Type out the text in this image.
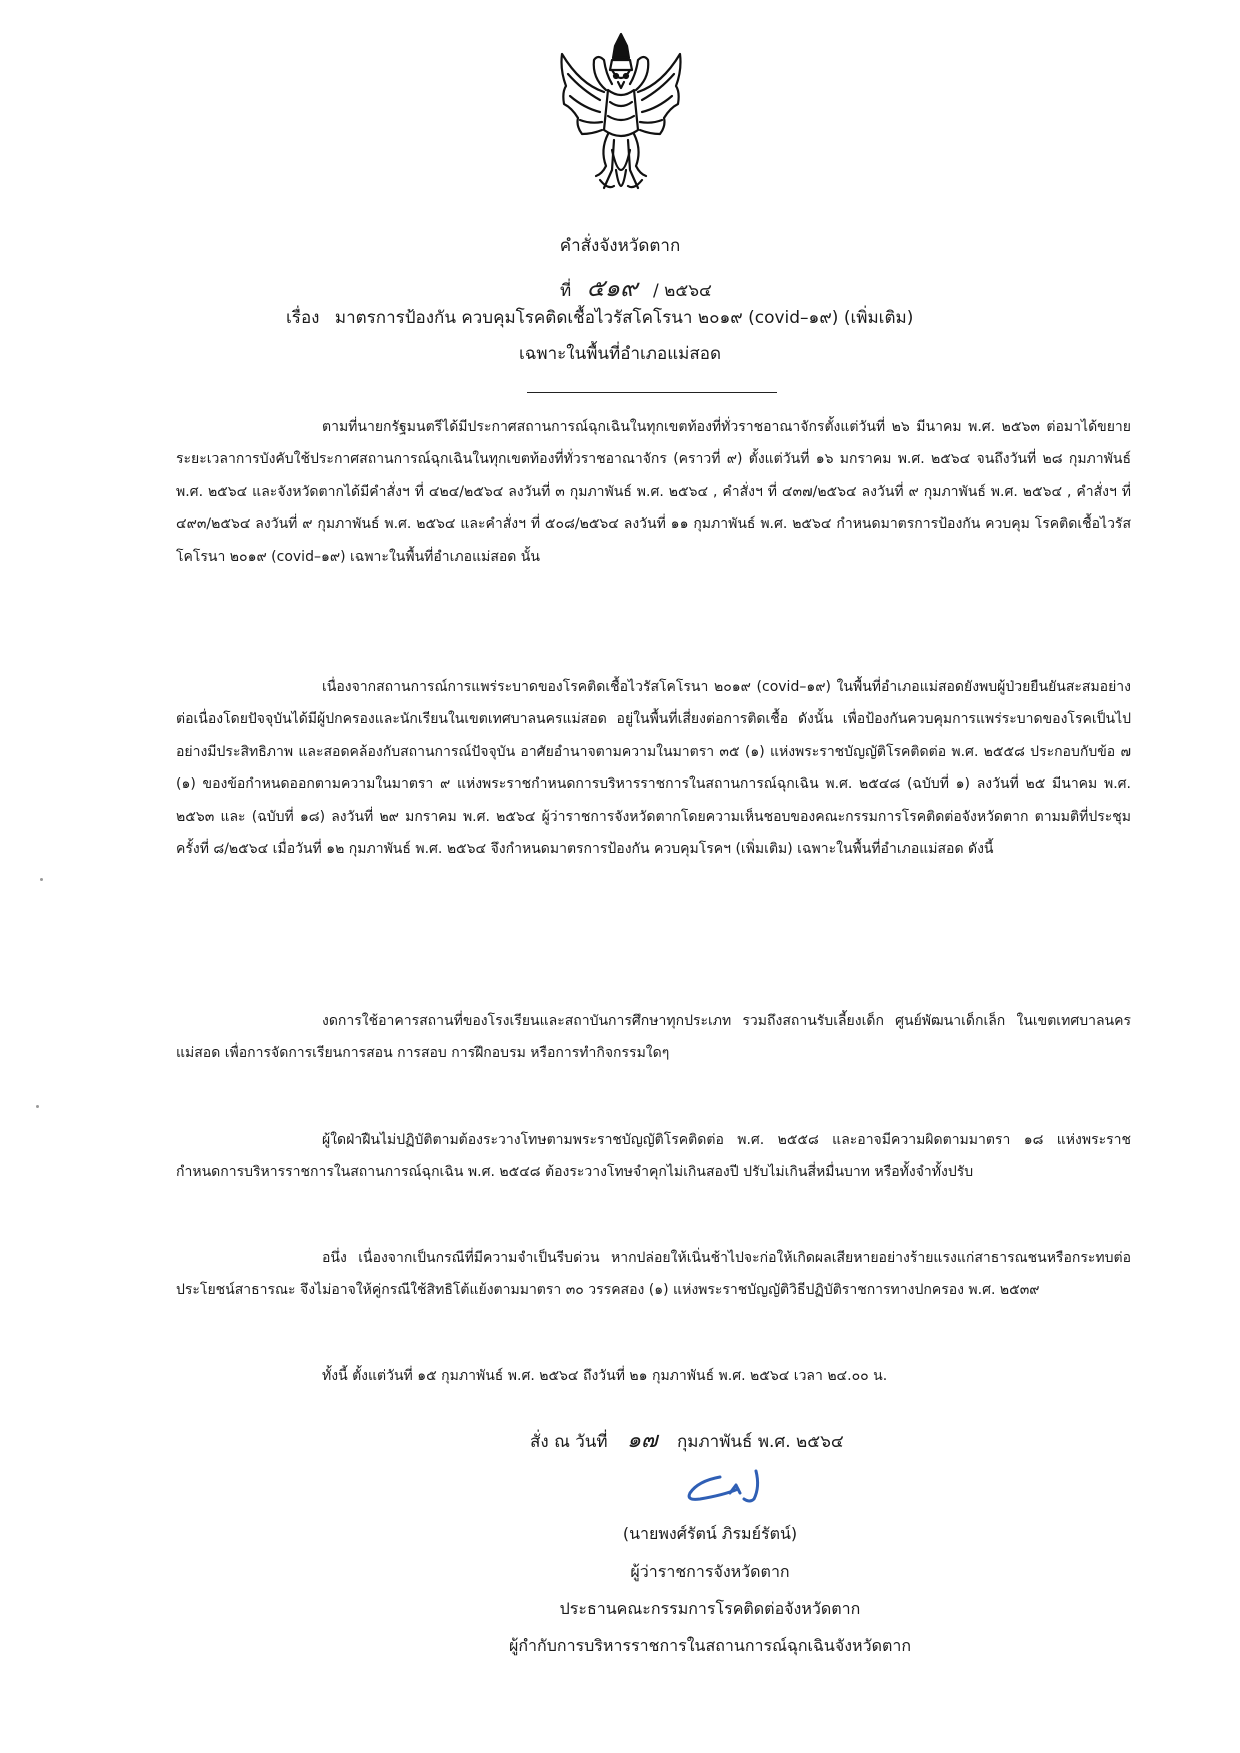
คำสั่งจังหวัดตาก
ที่ ๕๑๙ / ๒๕๖๔
เรื่อง มาตรการป้องกัน ควบคุมโรคติดเชื้อไวรัสโคโรนา ๒๐๑๙ (covid–๑๙) (เพิ่มเติม)
เฉพาะในพื้นที่อำเภอแม่สอด

ตามที่นายกรัฐมนตรีได้มีประกาศสถานการณ์ฉุกเฉินในทุกเขตท้องที่ทั่วราชอาณาจักรตั้งแต่วันที่ ๒๖ มีนาคม พ.ศ. ๒๕๖๓ ต่อมาได้ขยายระยะเวลาการบังคับใช้ประกาศสถานการณ์ฉุกเฉินในทุกเขตท้องที่ทั่วราชอาณาจักร (คราวที่ ๙) ตั้งแต่วันที่ ๑๖ มกราคม พ.ศ. ๒๕๖๔ จนถึงวันที่ ๒๘ กุมภาพันธ์ พ.ศ. ๒๕๖๔ และจังหวัดตากได้มีคำสั่งฯ ที่ ๔๒๔/๒๕๖๔ ลงวันที่ ๓ กุมภาพันธ์ พ.ศ. ๒๕๖๔ , คำสั่งฯ ที่ ๔๓๗/๒๕๖๔ ลงวันที่ ๙ กุมภาพันธ์ พ.ศ. ๒๕๖๔ , คำสั่งฯ ที่ ๔๙๓/๒๕๖๔ ลงวันที่ ๙ กุมภาพันธ์ พ.ศ. ๒๕๖๔ และคำสั่งฯ ที่ ๕๐๘/๒๕๖๔ ลงวันที่ ๑๑ กุมภาพันธ์ พ.ศ. ๒๕๖๔ กำหนดมาตรการป้องกัน ควบคุม โรคติดเชื้อไวรัสโคโรนา ๒๐๑๙ (covid–๑๙) เฉพาะในพื้นที่อำเภอแม่สอด นั้น

เนื่องจากสถานการณ์การแพร่ระบาดของโรคติดเชื้อไวรัสโคโรนา ๒๐๑๙ (covid–๑๙) ในพื้นที่อำเภอแม่สอดยังพบผู้ป่วยยืนยันสะสมอย่างต่อเนื่องโดยปัจจุบันได้มีผู้ปกครองและนักเรียนในเขตเทศบาลนครแม่สอด อยู่ในพื้นที่เสี่ยงต่อการติดเชื้อ ดังนั้น เพื่อป้องกันควบคุมการแพร่ระบาดของโรคเป็นไปอย่างมีประสิทธิภาพ และสอดคล้องกับสถานการณ์ปัจจุบัน อาศัยอำนาจตามความในมาตรา ๓๕ (๑) แห่งพระราชบัญญัติโรคติดต่อ พ.ศ. ๒๕๕๘ ประกอบกับข้อ ๗ (๑) ของข้อกำหนดออกตามความในมาตรา ๙ แห่งพระราชกำหนดการบริหารราชการในสถานการณ์ฉุกเฉิน พ.ศ. ๒๕๔๘ (ฉบับที่ ๑) ลงวันที่ ๒๕ มีนาคม พ.ศ. ๒๕๖๓ และ (ฉบับที่ ๑๘) ลงวันที่ ๒๙ มกราคม พ.ศ. ๒๕๖๔ ผู้ว่าราชการจังหวัดตากโดยความเห็นชอบของคณะกรรมการโรคติดต่อจังหวัดตาก ตามมติที่ประชุมครั้งที่ ๘/๒๕๖๔ เมื่อวันที่ ๑๒ กุมภาพันธ์ พ.ศ. ๒๕๖๔ จึงกำหนดมาตรการป้องกัน ควบคุมโรคฯ (เพิ่มเติม) เฉพาะในพื้นที่อำเภอแม่สอด ดังนี้

งดการใช้อาคารสถานที่ของโรงเรียนและสถาบันการศึกษาทุกประเภท รวมถึงสถานรับเลี้ยงเด็ก ศูนย์พัฒนาเด็กเล็ก ในเขตเทศบาลนครแม่สอด เพื่อการจัดการเรียนการสอน การสอบ การฝึกอบรม หรือการทำกิจกรรมใดๆ

ผู้ใดฝ่าฝืนไม่ปฏิบัติตามต้องระวางโทษตามพระราชบัญญัติโรคติดต่อ พ.ศ. ๒๕๕๘ และอาจมีความผิดตามมาตรา ๑๘ แห่งพระราชกำหนดการบริหารราชการในสถานการณ์ฉุกเฉิน พ.ศ. ๒๕๔๘ ต้องระวางโทษจำคุกไม่เกินสองปี ปรับไม่เกินสี่หมื่นบาท หรือทั้งจำทั้งปรับ

อนึ่ง เนื่องจากเป็นกรณีที่มีความจำเป็นรีบด่วน หากปล่อยให้เนิ่นช้าไปจะก่อให้เกิดผลเสียหายอย่างร้ายแรงแก่สาธารณชนหรือกระทบต่อประโยชน์สาธารณะ จึงไม่อาจให้คู่กรณีใช้สิทธิโต้แย้งตามมาตรา ๓๐ วรรคสอง (๑) แห่งพระราชบัญญัติวิธีปฏิบัติราชการทางปกครอง พ.ศ. ๒๕๓๙

ทั้งนี้ ตั้งแต่วันที่ ๑๕ กุมภาพันธ์ พ.ศ. ๒๕๖๔ ถึงวันที่ ๒๑ กุมภาพันธ์ พ.ศ. ๒๕๖๔ เวลา ๒๔.๐๐ น.

สั่ง ณ วันที่ ๑๗ กุมภาพันธ์ พ.ศ. ๒๕๖๔
(นายพงศ์รัตน์ ภิรมย์รัตน์)
ผู้ว่าราชการจังหวัดตาก
ประธานคณะกรรมการโรคติดต่อจังหวัดตาก
ผู้กำกับการบริหารราชการในสถานการณ์ฉุกเฉินจังหวัดตาก
